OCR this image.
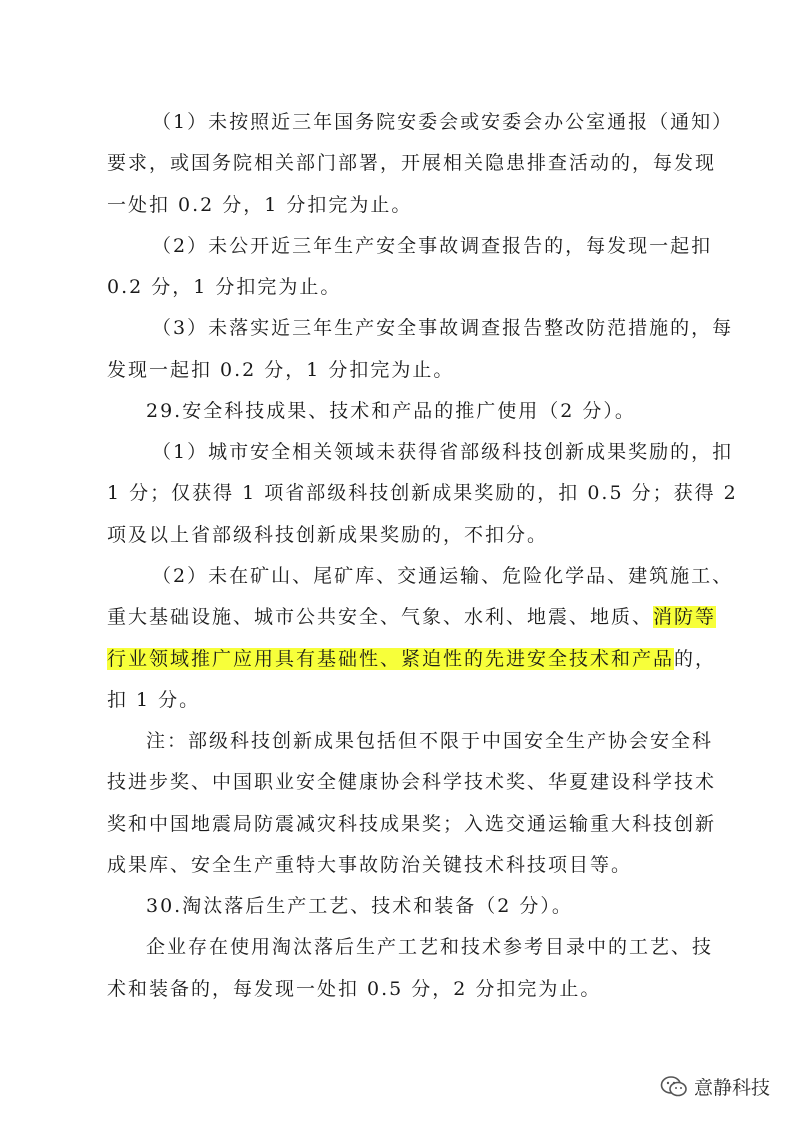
（1）未按照近三年国务院安委会或安委会办公室通报（通知）
要求，或国务院相关部门部署，开展相关隐患排查活动的，每发现
一处扣 0.2 分，1 分扣完为止。
（2）未公开近三年生产安全事故调查报告的，每发现一起扣
0.2 分，1 分扣完为止。
（3）未落实近三年生产安全事故调查报告整改防范措施的，每
发现一起扣 0.2 分，1 分扣完为止。
29.安全科技成果、技术和产品的推广使用（2 分）。
（1）城市安全相关领域未获得省部级科技创新成果奖励的，扣
1 分；仅获得 1 项省部级科技创新成果奖励的，扣 0.5 分；获得 2
项及以上省部级科技创新成果奖励的，不扣分。
（2）未在矿山、尾矿库、交通运输、危险化学品、建筑施工、
重大基础设施、城市公共安全、气象、水利、地震、地质、消防等
行业领域推广应用具有基础性、紧迫性的先进安全技术和产品的，
扣 1 分。
注：部级科技创新成果包括但不限于中国安全生产协会安全科
技进步奖、中国职业安全健康协会科学技术奖、华夏建设科学技术
奖和中国地震局防震减灾科技成果奖；入选交通运输重大科技创新
成果库、安全生产重特大事故防治关键技术科技项目等。
30.淘汰落后生产工艺、技术和装备（2 分）。
企业存在使用淘汰落后生产工艺和技术参考目录中的工艺、技
术和装备的，每发现一处扣 0.5 分，2 分扣完为止。
意静科技
